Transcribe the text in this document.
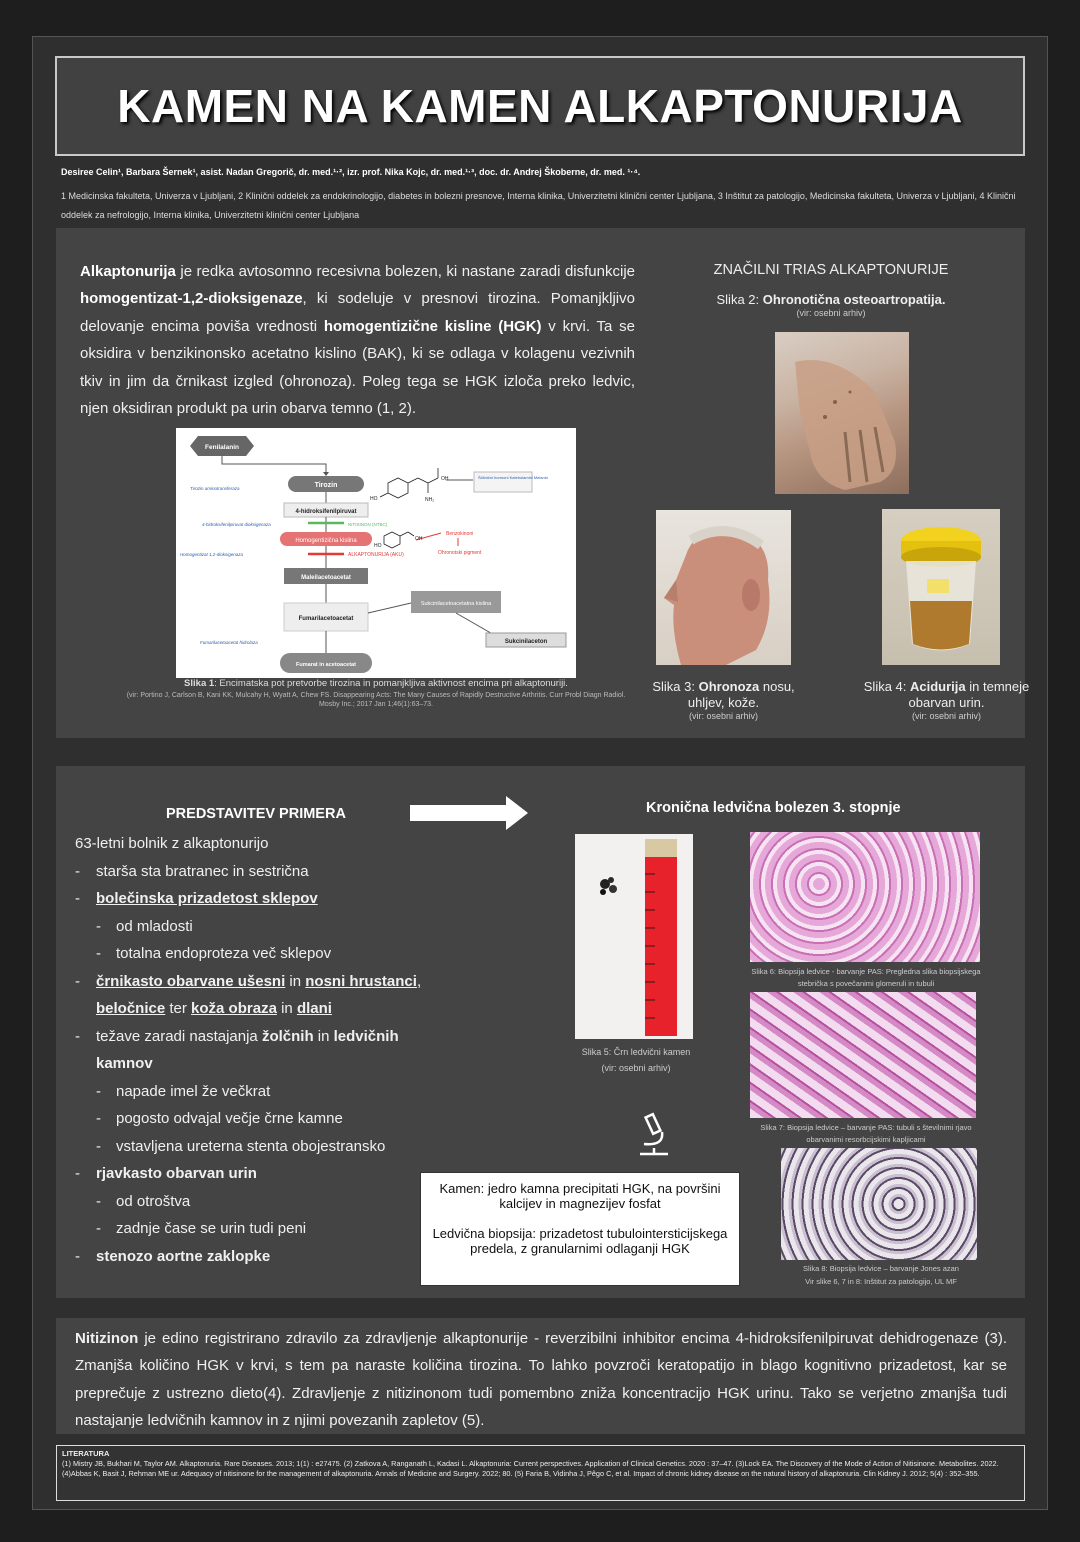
KAMEN NA KAMEN ALKAPTONURIJA
Desiree Celin¹, Barbara Šernek¹, asist. Nadan Gregorič, dr. med.¹·², izr. prof. Nika Kojc, dr. med.¹·³, doc. dr. Andrej Škoberne, dr. med. ¹·⁴.
1 Medicinska fakulteta, Univerza v Ljubljani, 2 Klinični oddelek za endokrinologijo, diabetes in bolezni presnove, Interna klinika, Univerzitetni klinični center Ljubljana, 3 Inštitut za patologijo, Medicinska fakulteta, Univerza v Ljubljani, 4 Klinični oddelek za nefrologijo, Interna klinika, Univerzitetni klinični center Ljubljana

Alkaptonurija je redka avtosomno recesivna bolezen, ki nastane zaradi disfunkcije homogentizat-1,2-dioksigenaze, ki sodeluje v presnovi tirozina. Pomanjkljivo delovanje encima poviša vrednosti homogentizične kisline (HGK) v krvi. Ta se oksidira v benzikinonsko acetatno kislino (BAK), ki se odlaga v kolagenu vezivnih tkiv in jim da črnikast izgled (ohronoza). Poleg tega se HGK izloča preko ledvic, njen oksidiran produkt pa urin obarva temno (1, 2).

Fenilalanin
Tirozin
4-hidroksifenilpiruvat
Homogentizična kislina
Maleilacetoacetat
Fumarilacetoacetat
Fumarat in acetoacetat
Sukcinilacetoacetatna kislina
Sukcinilaceton
Tirozin aminotransferaza
4-hidroksifenilpiruvat dioksigenaza
Homogentizat 1,2-dioksigenaza
Fumarilacetoacetat hidrolaza
NITISINON (NTBC)
ALKAPTONURIJA (AKU)
Benzokinoni
Ohronotski pigment
Ščitnični hormoni Kateholamini Melanin
HO
OH
NH₂
OH
HO
Slika 1: Encimatska pot pretvorbe tirozina in pomanjkljiva aktivnost encima pri alkaptonuriji.
(vir: Portino J, Carlson B, Kani KK, Mulcahy H, Wyatt A, Chew FS. Disappearing Acts: The Many Causes of Rapidly Destructive Arthritis. Curr Probl Diagn Radiol. Mosby Inc.; 2017 Jan 1;46(1):63–73.
ZNAČILNI TRIAS ALKAPTONURIJE
Slika 2: Ohronotična osteoartropatija.
(vir: osebni arhiv)
Slika 3: Ohronoza nosu, uhljev, kože.
(vir: osebni arhiv)
Slika 4: Acidurija in temneje obarvan urin.
(vir: osebni arhiv)
PREDSTAVITEV PRIMERA
63-letni bolnik z alkaptonurijo
- starša sta bratranec in sestrična
- bolečinska prizadetost sklepov
- od mladosti
- totalna endoproteza več sklepov
- črnikasto obarvane ušesni in nosni hrustanci,
beločnice ter koža obraza in dlani
- težave zaradi nastajanja žolčnih in ledvičnih kamnov
- napade imel že večkrat
- pogosto odvajal večje črne kamne
- vstavljena ureterna stenta obojestransko
- rjavkasto obarvan urin
- od otroštva
- zadnje čase se urin tudi peni
- stenozo aortne zaklopke
Kronična ledvična bolezen 3. stopnje
Slika 5: Črn ledvični kamen
(vir: osebni arhiv)
Slika 6: Biopsija ledvice - barvanje PAS: Pregledna slika biopsijskega stebrička s povečanimi glomeruli in tubuli
Slika 7: Biopsija ledvice – barvanje PAS: tubuli s številnimi rjavo obarvanimi resorbcijskimi kapljicami
Slika 8: Biopsija ledvice – barvanje Jones azan
Vir slike 6, 7 in 8: Inštitut za patologijo, UL MF
Kamen: jedro kamna precipitati HGK, na površini kalcijev in magnezijev fosfat
Ledvična biopsija: prizadetost tubulointersticijskega predela, z granularnimi odlaganji HGK

Nitizinon je edino registrirano zdravilo za zdravljenje alkaptonurije - reverzibilni inhibitor encima 4-hidroksifenilpiruvat dehidrogenaze (3). Zmanjša količino HGK v krvi, s tem pa naraste količina tirozina. To lahko povzroči keratopatijo in blago kognitivno prizadetost, kar se preprečuje z ustrezno dieto(4). Zdravljenje z nitizinonom tudi pomembno zniža koncentracijo HGK urinu. Tako se verjetno zmanjša tudi nastajanje ledvičnih kamnov in z njimi povezanih zapletov (5).

LITERATURA
(1) Mistry JB, Bukhari M, Taylor AM. Alkaptonuria. Rare Diseases. 2013; 1(1) : e27475. (2) Zatkova A, Ranganath L, Kadasi L. Alkaptonuria: Current perspectives. Application of Clinical Genetics. 2020 : 37–47. (3)Lock EA. The Discovery of the Mode of Action of Nitisinone. Metabolites. 2022. (4)Abbas K, Basit J, Rehman ME ur. Adequacy of nitisinone for the management of alkaptonuria. Annals of Medicine and Surgery. 2022; 80. (5) Faria B, Vidinha J, Pêgo C, et al. Impact of chronic kidney disease on the natural history of alkaptonuria. Clin Kidney J. 2012; 5(4) : 352–355.
